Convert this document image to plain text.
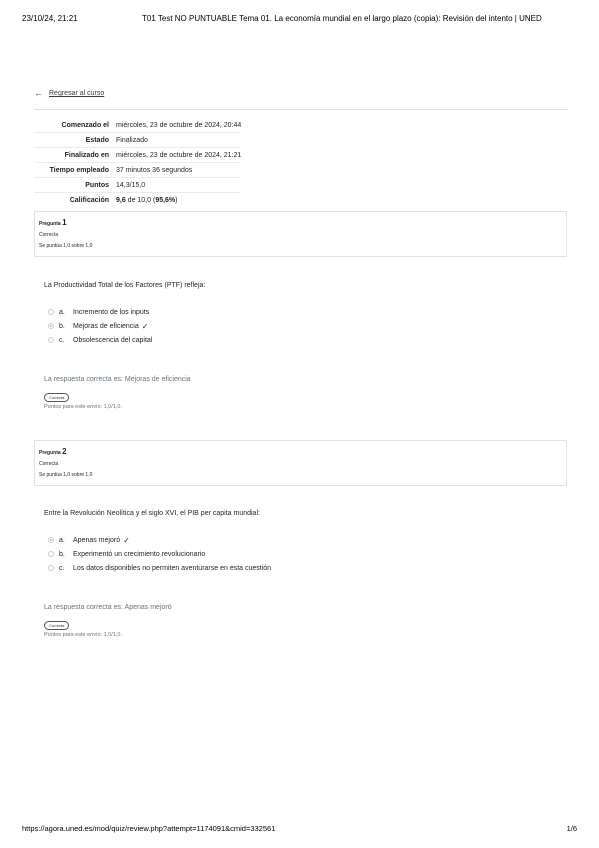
23/10/24, 21:21	T01 Test NO PUNTUABLE Tema 01. La economía mundial en el largo plazo (copia): Revisión del intento | UNED
← Regresar al curso
Comenzado el	miércoles, 23 de octubre de 2024, 20:44
Estado	Finalizado
Finalizado en	miércoles, 23 de octubre de 2024, 21:21
Tiempo empleado	37 minutos 36 segundos
Puntos	14,3/15,0
Calificación	9,6 de 10,0 (95,6%)
Pregunta 1
Correcta
Se puntúa 1,0 sobre 1,0
La Productividad Total de los Factores (PTF) refleja:
a.	Incremento de los inputs
b.	Mejoras de eficiencia ✓
c.	Obsolescencia del capital
La respuesta correcta es: Mejoras de eficiencia
Correcta
Puntos para este envío: 1,0/1,0.
Pregunta 2
Correcta
Se puntúa 1,0 sobre 1,0
Entre la Revolución Neolítica y el siglo XVI, el PIB per capita mundial:
a.	Apenas mejoró ✓
b.	Experimentó un crecimiento revolucionario
c.	Los datos disponibles no permiten aventurarse en esta cuestión
La respuesta correcta es: Apenas mejoró
Correcta
Puntos para este envío: 1,0/1,0.
https://agora.uned.es/mod/quiz/review.php?attempt=1174091&cmid=332561	1/6
